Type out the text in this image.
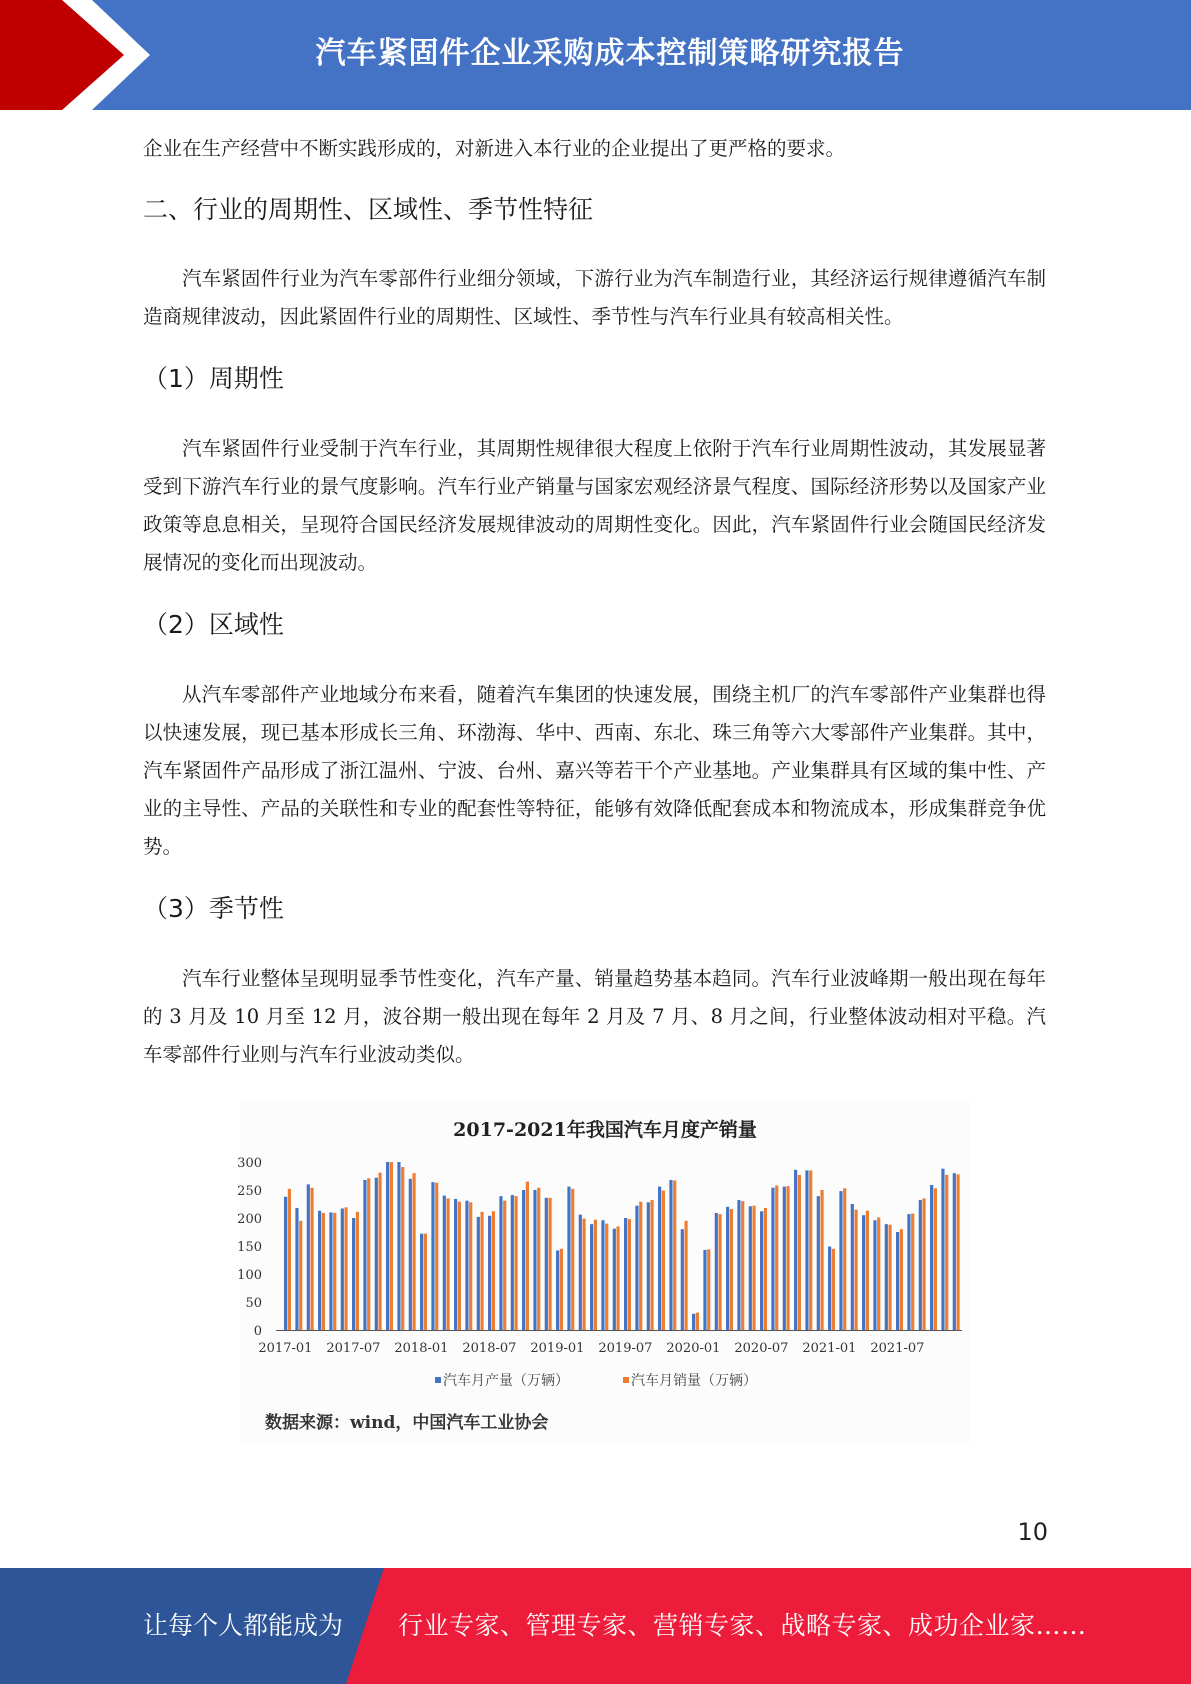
汽车紧固件企业采购成本控制策略研究报告

企业在生产经营中不断实践形成的，对新进入本行业的企业提出了更严格的要求。

二、行业的周期性、区域性、季节性特征

汽车紧固件行业为汽车零部件行业细分领域，下游行业为汽车制造行业，其经济运行规律遵循汽车制造商规律波动，因此紧固件行业的周期性、区域性、季节性与汽车行业具有较高相关性。

（1）周期性

汽车紧固件行业受制于汽车行业，其周期性规律很大程度上依附于汽车行业周期性波动，其发展显著受到下游汽车行业的景气度影响。汽车行业产销量与国家宏观经济景气程度、国际经济形势以及国家产业政策等息息相关，呈现符合国民经济发展规律波动的周期性变化。因此，汽车紧固件行业会随国民经济发展情况的变化而出现波动。

（2）区域性

从汽车零部件产业地域分布来看，随着汽车集团的快速发展，围绕主机厂的汽车零部件产业集群也得以快速发展，现已基本形成长三角、环渤海、华中、西南、东北、珠三角等六大零部件产业集群。其中，汽车紧固件产品形成了浙江温州、宁波、台州、嘉兴等若干个产业基地。产业集群具有区域的集中性、产业的主导性、产品的关联性和专业的配套性等特征，能够有效降低配套成本和物流成本，形成集群竞争优势。

（3）季节性

汽车行业整体呈现明显季节性变化，汽车产量、销量趋势基本趋同。汽车行业波峰期一般出现在每年的 3 月及 10 月至 12 月，波谷期一般出现在每年 2 月及 7 月、8 月之间，行业整体波动相对平稳。汽车零部件行业则与汽车行业波动类似。

2017-2021年我国汽车月度产销量
0
50
100
150
200
250
300
2017-01 2017-07 2018-01 2018-07 2019-01 2019-07 2020-01 2020-07 2021-01 2021-07
汽车月产量（万辆）	汽车月销量（万辆）
数据来源：wind，中国汽车工业协会
10
让每个人都能成为 行业专家、管理专家、营销专家、战略专家、成功企业家……
